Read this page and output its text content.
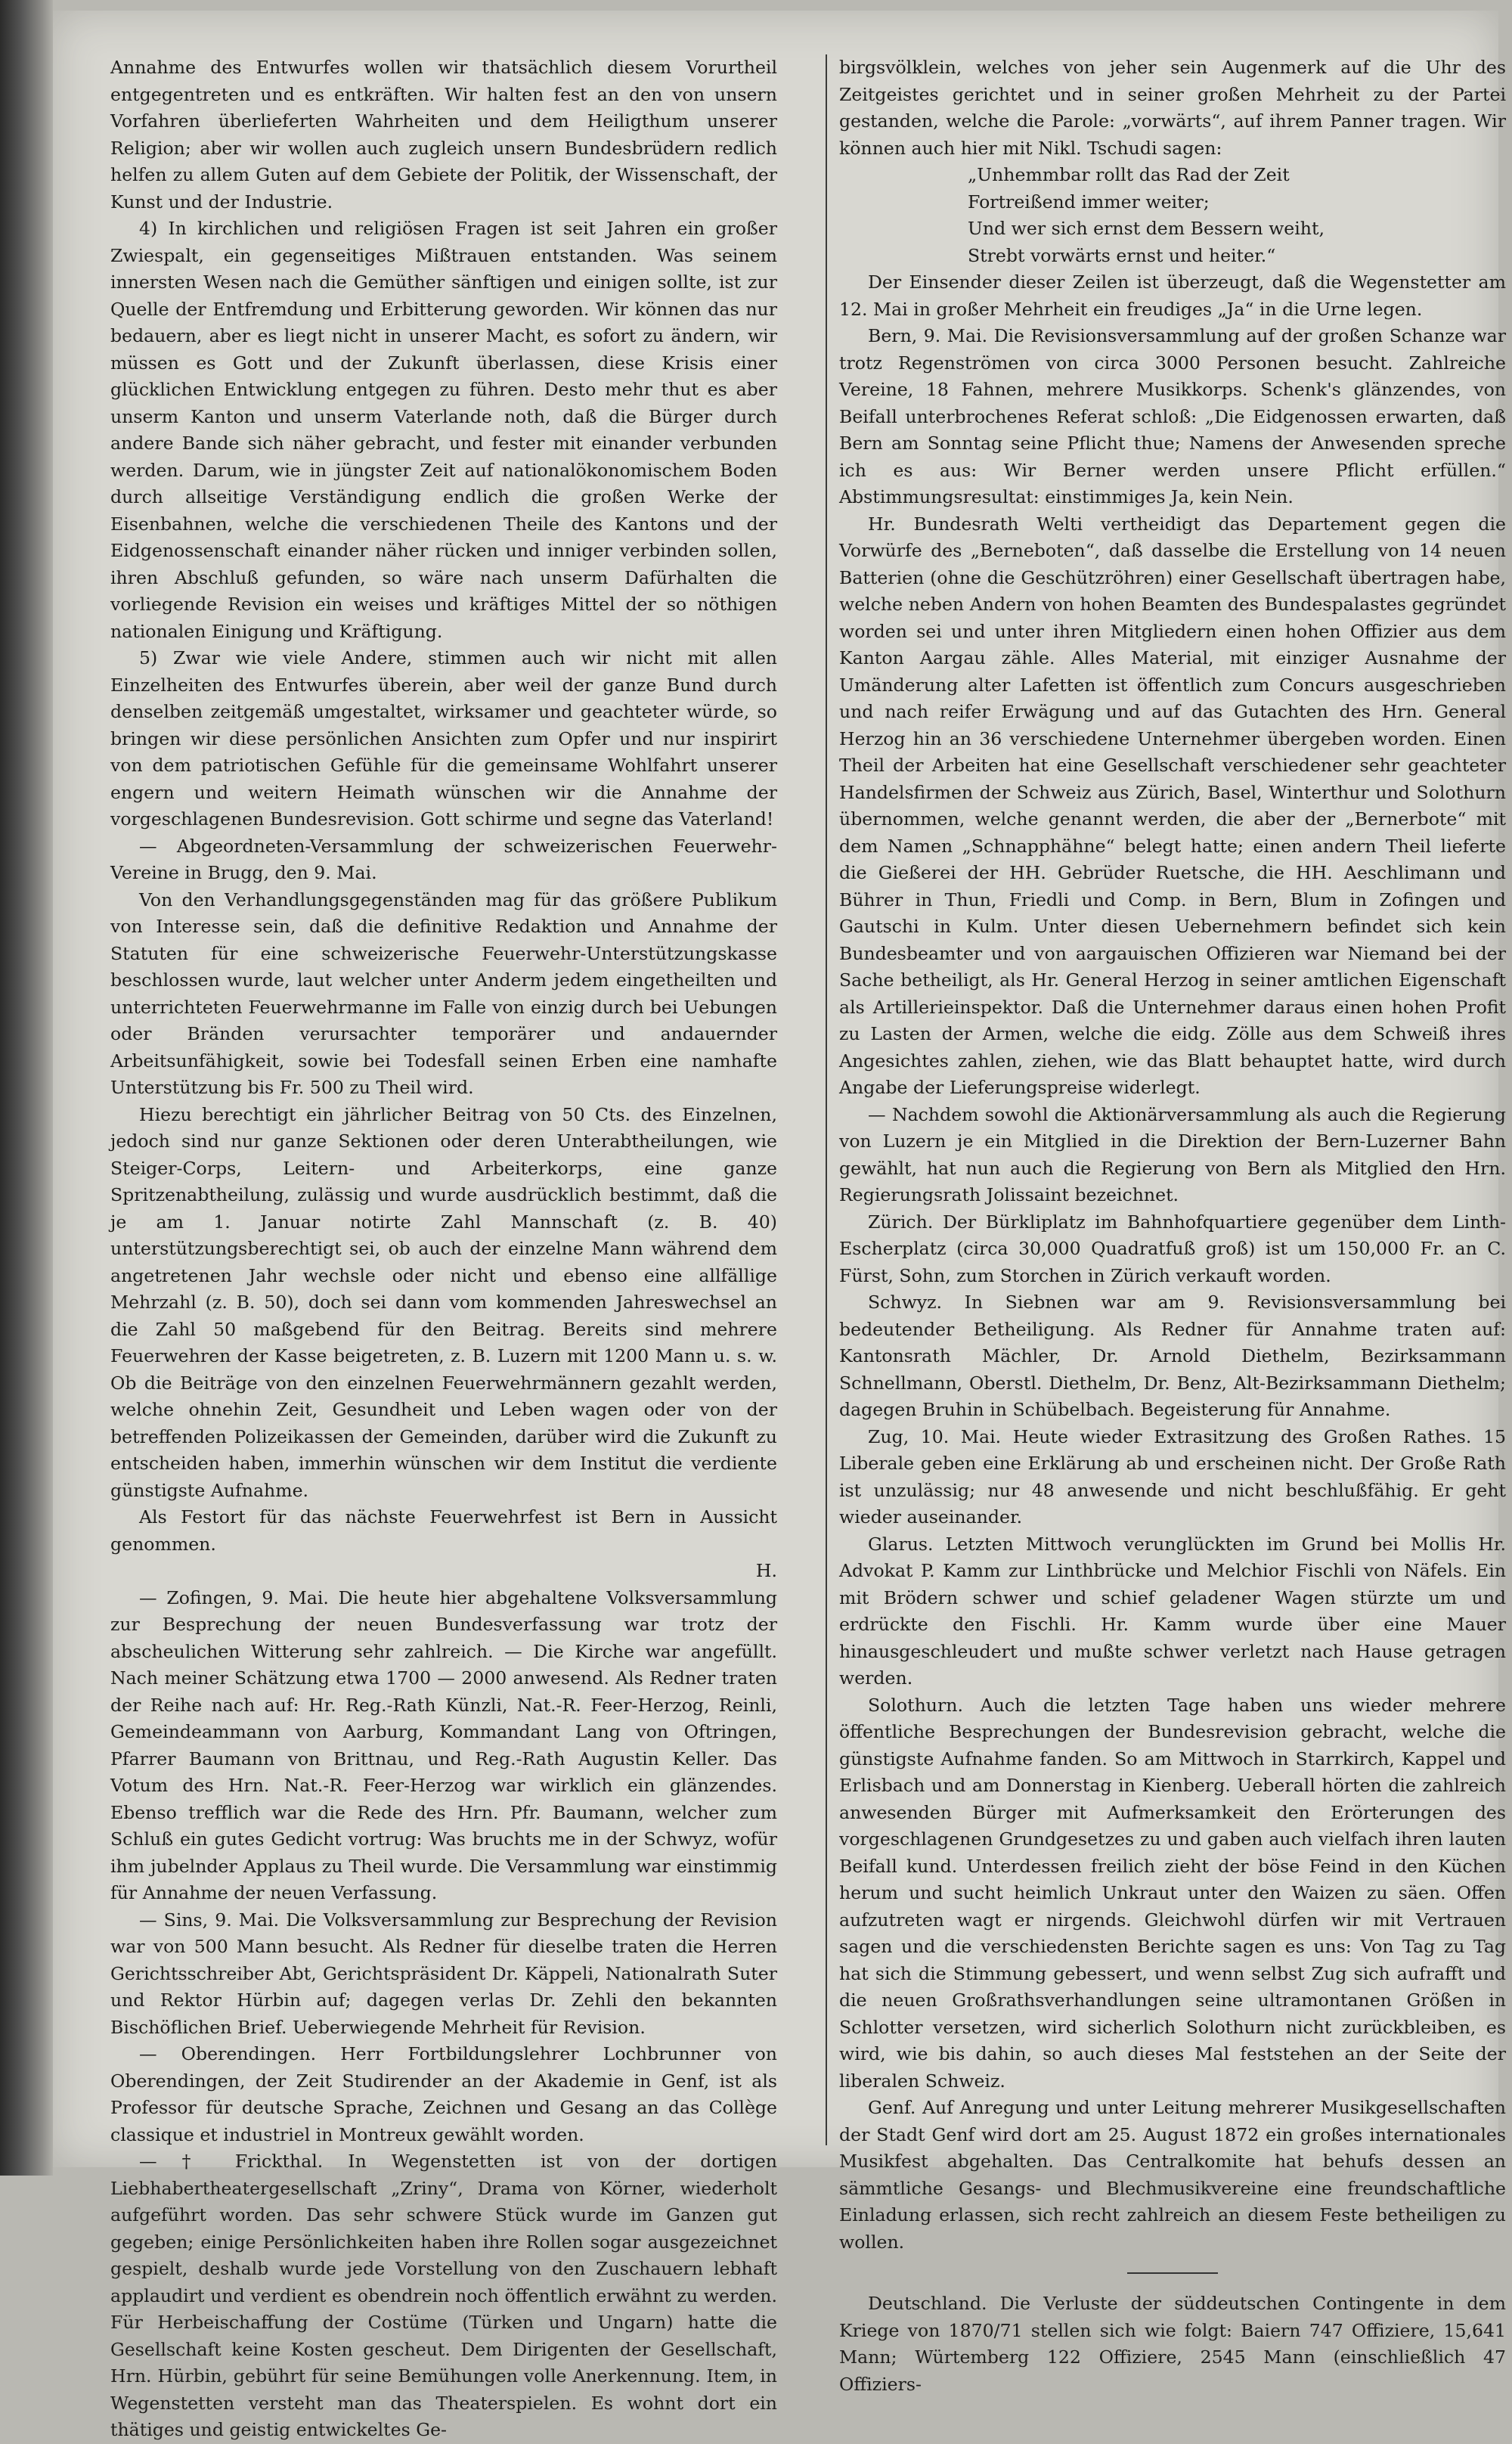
Annahme des Entwurfes wollen wir thatsächlich diesem Vorurtheil entgegentreten und es entkräften. Wir halten fest an den von unsern Vorfahren überlieferten Wahrheiten und dem Heiligthum unserer Religion; aber wir wollen auch zugleich unsern Bundesbrüdern redlich helfen zu allem Guten auf dem Gebiete der Politik, der Wissenschaft, der Kunst und der Industrie.

4) In kirchlichen und religiösen Fragen ist seit Jahren ein großer Zwiespalt, ein gegenseitiges Mißtrauen entstanden. Was seinem innersten Wesen nach die Gemüther sänftigen und einigen sollte, ist zur Quelle der Entfremdung und Erbitterung geworden. Wir können das nur bedauern, aber es liegt nicht in unserer Macht, es sofort zu ändern, wir müssen es Gott und der Zukunft überlassen, diese Krisis einer glücklichen Entwicklung entgegen zu führen. Desto mehr thut es aber unserm Kanton und unserm Vaterlande noth, daß die Bürger durch andere Bande sich näher gebracht, und fester mit einander verbunden werden. Darum, wie in jüngster Zeit auf nationalökonomischem Boden durch allseitige Verständigung endlich die großen Werke der Eisenbahnen, welche die verschiedenen Theile des Kantons und der Eidgenossenschaft einander näher rücken und inniger verbinden sollen, ihren Abschluß gefunden, so wäre nach unserm Dafürhalten die vorliegende Revision ein weises und kräftiges Mittel der so nöthigen nationalen Einigung und Kräftigung.

5) Zwar wie viele Andere, stimmen auch wir nicht mit allen Einzelheiten des Entwurfes überein, aber weil der ganze Bund durch denselben zeitgemäß umgestaltet, wirksamer und geachteter würde, so bringen wir diese persönlichen Ansichten zum Opfer und nur inspirirt von dem patriotischen Gefühle für die gemeinsame Wohlfahrt unserer engern und weitern Heimath wünschen wir die Annahme der vorgeschlagenen Bundesrevision. Gott schirme und segne das Vaterland!

— Abgeordneten-Versammlung der schweizerischen Feuerwehr-Vereine in Brugg, den 9. Mai.

Von den Verhandlungsgegenständen mag für das größere Publikum von Interesse sein, daß die definitive Redaktion und Annahme der Statuten für eine schweizerische Feuerwehr-Unterstützungskasse beschlossen wurde, laut welcher unter Anderm jedem eingetheilten und unterrichteten Feuerwehrmanne im Falle von einzig durch bei Uebungen oder Bränden verursachter temporärer und andauernder Arbeitsunfähigkeit, sowie bei Todesfall seinen Erben eine namhafte Unterstützung bis Fr. 500 zu Theil wird.

Hiezu berechtigt ein jährlicher Beitrag von 50 Cts. des Einzelnen, jedoch sind nur ganze Sektionen oder deren Unterabtheilungen, wie Steiger-Corps, Leitern- und Arbeiterkorps, eine ganze Spritzenabtheilung, zulässig und wurde ausdrücklich bestimmt, daß die je am 1. Januar notirte Zahl Mannschaft (z. B. 40) unterstützungsberechtigt sei, ob auch der einzelne Mann während dem angetretenen Jahr wechsle oder nicht und ebenso eine allfällige Mehrzahl (z. B. 50), doch sei dann vom kommenden Jahreswechsel an die Zahl 50 maßgebend für den Beitrag. Bereits sind mehrere Feuerwehren der Kasse beigetreten, z. B. Luzern mit 1200 Mann u. s. w. Ob die Beiträge von den einzelnen Feuerwehrmännern gezahlt werden, welche ohnehin Zeit, Gesundheit und Leben wagen oder von der betreffenden Polizeikassen der Gemeinden, darüber wird die Zukunft zu entscheiden haben, immerhin wünschen wir dem Institut die verdiente günstigste Aufnahme.

Als Festort für das nächste Feuerwehrfest ist Bern in Aussicht genommen.

H.

— Zofingen, 9. Mai. Die heute hier abgehaltene Volksversammlung zur Besprechung der neuen Bundesverfassung war trotz der abscheulichen Witterung sehr zahlreich. — Die Kirche war angefüllt. Nach meiner Schätzung etwa 1700 — 2000 anwesend. Als Redner traten der Reihe nach auf: Hr. Reg.-Rath Künzli, Nat.-R. Feer-Herzog, Reinli, Gemeindeammann von Aarburg, Kommandant Lang von Oftringen, Pfarrer Baumann von Brittnau, und Reg.-Rath Augustin Keller. Das Votum des Hrn. Nat.-R. Feer-Herzog war wirklich ein glänzendes. Ebenso trefflich war die Rede des Hrn. Pfr. Baumann, welcher zum Schluß ein gutes Gedicht vortrug: Was bruchts me in der Schwyz, wofür ihm jubelnder Applaus zu Theil wurde. Die Versammlung war einstimmig für Annahme der neuen Verfassung.

— Sins, 9. Mai. Die Volksversammlung zur Besprechung der Revision war von 500 Mann besucht. Als Redner für dieselbe traten die Herren Gerichtsschreiber Abt, Gerichtspräsident Dr. Käppeli, Nationalrath Suter und Rektor Hürbin auf; dagegen verlas Dr. Zehli den bekannten Bischöflichen Brief. Ueberwiegende Mehrheit für Revision.

— Oberendingen. Herr Fortbildungslehrer Lochbrunner von Oberendingen, der Zeit Studirender an der Akademie in Genf, ist als Professor für deutsche Sprache, Zeichnen und Gesang an das Collège classique et industriel in Montreux gewählt worden.

— † Frickthal. In Wegenstetten ist von der dortigen Liebhabertheatergesellschaft „Zriny“, Drama von Körner, wiederholt aufgeführt worden. Das sehr schwere Stück wurde im Ganzen gut gegeben; einige Persönlichkeiten haben ihre Rollen sogar ausgezeichnet gespielt, deshalb wurde jede Vorstellung von den Zuschauern lebhaft applaudirt und verdient es obendrein noch öffentlich erwähnt zu werden. Für Herbeischaffung der Costüme (Türken und Ungarn) hatte die Gesellschaft keine Kosten gescheut. Dem Dirigenten der Gesellschaft, Hrn. Hürbin, gebührt für seine Bemühungen volle Anerkennung. Item, in Wegenstetten versteht man das Theaterspielen. Es wohnt dort ein thätiges und geistig entwickeltes Ge-

birgsvölklein, welches von jeher sein Augenmerk auf die Uhr des Zeitgeistes gerichtet und in seiner großen Mehrheit zu der Partei gestanden, welche die Parole: „vorwärts“, auf ihrem Panner tragen. Wir können auch hier mit Nikl. Tschudi sagen:

„Unhemmbar rollt das Rad der Zeit
Fortreißend immer weiter;
Und wer sich ernst dem Bessern weiht,
Strebt vorwärts ernst und heiter.“

Der Einsender dieser Zeilen ist überzeugt, daß die Wegenstetter am 12. Mai in großer Mehrheit ein freudiges „Ja“ in die Urne legen.

Bern, 9. Mai. Die Revisionsversammlung auf der großen Schanze war trotz Regenströmen von circa 3000 Personen besucht. Zahlreiche Vereine, 18 Fahnen, mehrere Musikkorps. Schenk's glänzendes, von Beifall unterbrochenes Referat schloß: „Die Eidgenossen erwarten, daß Bern am Sonntag seine Pflicht thue; Namens der Anwesenden spreche ich es aus: Wir Berner werden unsere Pflicht erfüllen.“ Abstimmungsresultat: einstimmiges Ja, kein Nein.

Hr. Bundesrath Welti vertheidigt das Departement gegen die Vorwürfe des „Berneboten“, daß dasselbe die Erstellung von 14 neuen Batterien (ohne die Geschützröhren) einer Gesellschaft übertragen habe, welche neben Andern von hohen Beamten des Bundespalastes gegründet worden sei und unter ihren Mitgliedern einen hohen Offizier aus dem Kanton Aargau zähle. Alles Material, mit einziger Ausnahme der Umänderung alter Lafetten ist öffentlich zum Concurs ausgeschrieben und nach reifer Erwägung und auf das Gutachten des Hrn. General Herzog hin an 36 verschiedene Unternehmer übergeben worden. Einen Theil der Arbeiten hat eine Gesellschaft verschiedener sehr geachteter Handelsfirmen der Schweiz aus Zürich, Basel, Winterthur und Solothurn übernommen, welche genannt werden, die aber der „Bernerbote“ mit dem Namen „Schnapphähne“ belegt hatte; einen andern Theil lieferte die Gießerei der HH. Gebrüder Ruetsche, die HH. Aeschlimann und Bührer in Thun, Friedli und Comp. in Bern, Blum in Zofingen und Gautschi in Kulm. Unter diesen Uebernehmern befindet sich kein Bundesbeamter und von aargauischen Offizieren war Niemand bei der Sache betheiligt, als Hr. General Herzog in seiner amtlichen Eigenschaft als Artillerieinspektor. Daß die Unternehmer daraus einen hohen Profit zu Lasten der Armen, welche die eidg. Zölle aus dem Schweiß ihres Angesichtes zahlen, ziehen, wie das Blatt behauptet hatte, wird durch Angabe der Lieferungspreise widerlegt.

— Nachdem sowohl die Aktionärversammlung als auch die Regierung von Luzern je ein Mitglied in die Direktion der Bern-Luzerner Bahn gewählt, hat nun auch die Regierung von Bern als Mitglied den Hrn. Regierungsrath Jolissaint bezeichnet.

Zürich. Der Bürkliplatz im Bahnhofquartiere gegenüber dem Linth-Escherplatz (circa 30,000 Quadratfuß groß) ist um 150,000 Fr. an C. Fürst, Sohn, zum Storchen in Zürich verkauft worden.

Schwyz. In Siebnen war am 9. Revisionsversammlung bei bedeutender Betheiligung. Als Redner für Annahme traten auf: Kantonsrath Mächler, Dr. Arnold Diethelm, Bezirksammann Schnellmann, Oberstl. Diethelm, Dr. Benz, Alt-Bezirksammann Diethelm; dagegen Bruhin in Schübelbach. Begeisterung für Annahme.

Zug, 10. Mai. Heute wieder Extrasitzung des Großen Rathes. 15 Liberale geben eine Erklärung ab und erscheinen nicht. Der Große Rath ist unzulässig; nur 48 anwesende und nicht beschlußfähig. Er geht wieder auseinander.

Glarus. Letzten Mittwoch verunglückten im Grund bei Mollis Hr. Advokat P. Kamm zur Linthbrücke und Melchior Fischli von Näfels. Ein mit Brödern schwer und schief geladener Wagen stürzte um und erdrückte den Fischli. Hr. Kamm wurde über eine Mauer hinausgeschleudert und mußte schwer verletzt nach Hause getragen werden.

Solothurn. Auch die letzten Tage haben uns wieder mehrere öffentliche Besprechungen der Bundesrevision gebracht, welche die günstigste Aufnahme fanden. So am Mittwoch in Starrkirch, Kappel und Erlisbach und am Donnerstag in Kienberg. Ueberall hörten die zahlreich anwesenden Bürger mit Aufmerksamkeit den Erörterungen des vorgeschlagenen Grundgesetzes zu und gaben auch vielfach ihren lauten Beifall kund. Unterdessen freilich zieht der böse Feind in den Küchen herum und sucht heimlich Unkraut unter den Waizen zu säen. Offen aufzutreten wagt er nirgends. Gleichwohl dürfen wir mit Vertrauen sagen und die verschiedensten Berichte sagen es uns: Von Tag zu Tag hat sich die Stimmung gebessert, und wenn selbst Zug sich aufrafft und die neuen Großrathsverhandlungen seine ultramontanen Größen in Schlotter versetzen, wird sicherlich Solothurn nicht zurückbleiben, es wird, wie bis dahin, so auch dieses Mal feststehen an der Seite der liberalen Schweiz.

Genf. Auf Anregung und unter Leitung mehrerer Musikgesellschaften der Stadt Genf wird dort am 25. August 1872 ein großes internationales Musikfest abgehalten. Das Centralkomite hat behufs dessen an sämmtliche Gesangs- und Blechmusikvereine eine freundschaftliche Einladung erlassen, sich recht zahlreich an diesem Feste betheiligen zu wollen.

Deutschland. Die Verluste der süddeutschen Contingente in dem Kriege von 1870/71 stellen sich wie folgt: Baiern 747 Offiziere, 15,641 Mann; Würtemberg 122 Offiziere, 2545 Mann (einschließlich 47 Offiziers-
